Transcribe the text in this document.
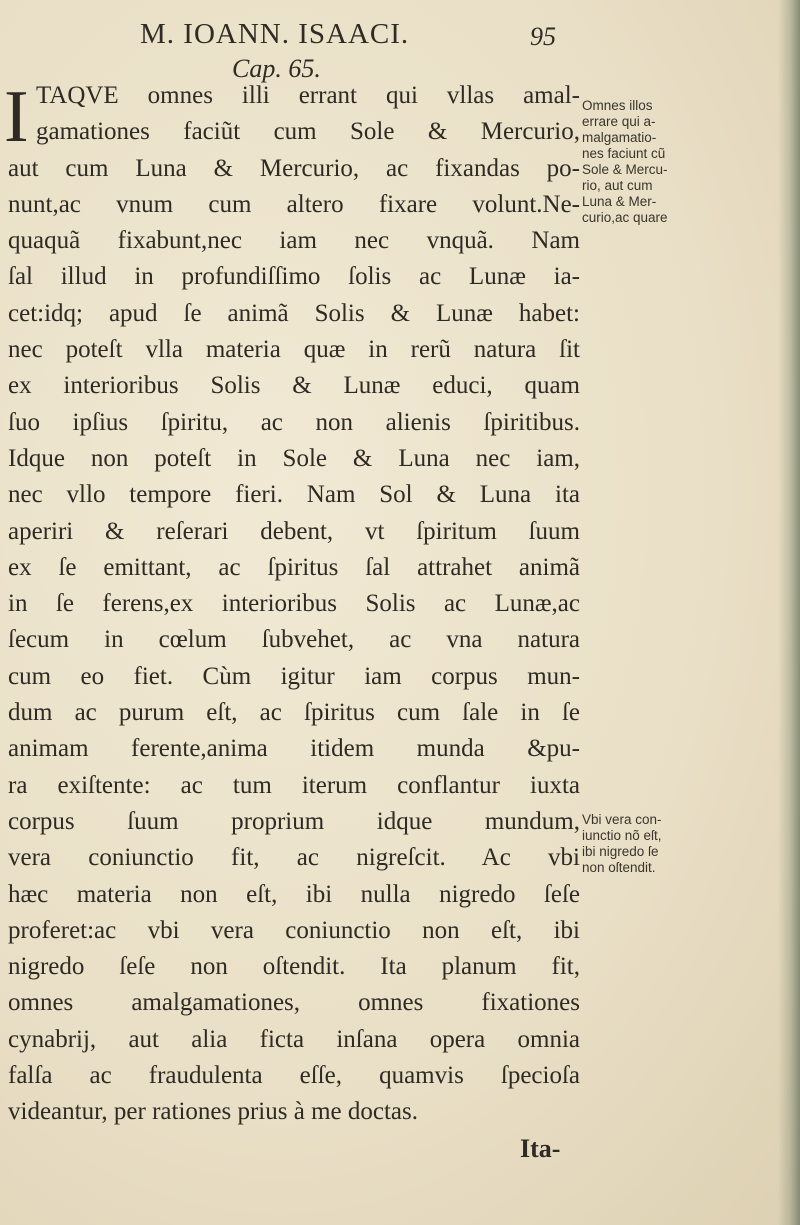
M. IOANN. ISAACI.	95
Cap. 65.
I TAQVE omnes illi errant qui vllas amal-
gamationes faciũt cum Sole & Mercurio,
aut cum Luna & Mercurio, ac fixandas po-
nunt,ac vnum cum altero fixare volunt.Ne-
quaquã fixabunt,nec iam nec vnquã. Nam
ſal illud in profundiſſimo ſolis ac Lunæ ia-
cet:idq; apud ſe animã Solis & Lunæ habet:
nec poteſt vlla materia quæ in rerũ natura ſit
ex interioribus Solis & Lunæ educi, quam
ſuo ipſius ſpiritu, ac non alienis ſpiritibus.
Idque non poteſt in Sole & Luna nec iam,
nec vllo tempore fieri. Nam Sol & Luna ita
aperiri & reſerari debent, vt ſpiritum ſuum
ex ſe emittant, ac ſpiritus ſal attrahet animã
in ſe ferens,ex interioribus Solis ac Lunæ,ac
ſecum in cœlum ſubvehet, ac vna natura
cum eo fiet. Cùm igitur iam corpus mun-
dum ac purum eſt, ac ſpiritus cum ſale in ſe
animam ferente,anima itidem munda &pu-
ra exiſtente: ac tum iterum conflantur iuxta
corpus ſuum proprium idque mundum,
vera coniunctio fit, ac nigreſcit. Ac vbi
hæc materia non eſt, ibi nulla nigredo ſeſe
proferet:ac vbi vera coniunctio non eſt, ibi
nigredo ſeſe non oſtendit. Ita planum fit,
omnes amalgamationes, omnes fixationes
cynabrij, aut alia ficta inſana opera omnia
falſa ac fraudulenta eſſe, quamvis ſpecioſa
videantur, per rationes prius à me doctas.
Omnes illos
errare qui a-
malgamatio-
nes faciunt cũ
Sole & Mercu-
rio, aut cum
Luna & Mer-
curio,ac quare
Vbi vera con-
iunctio nõ eſt,
ibi nigredo ſe
non oſtendit.
Ita-
